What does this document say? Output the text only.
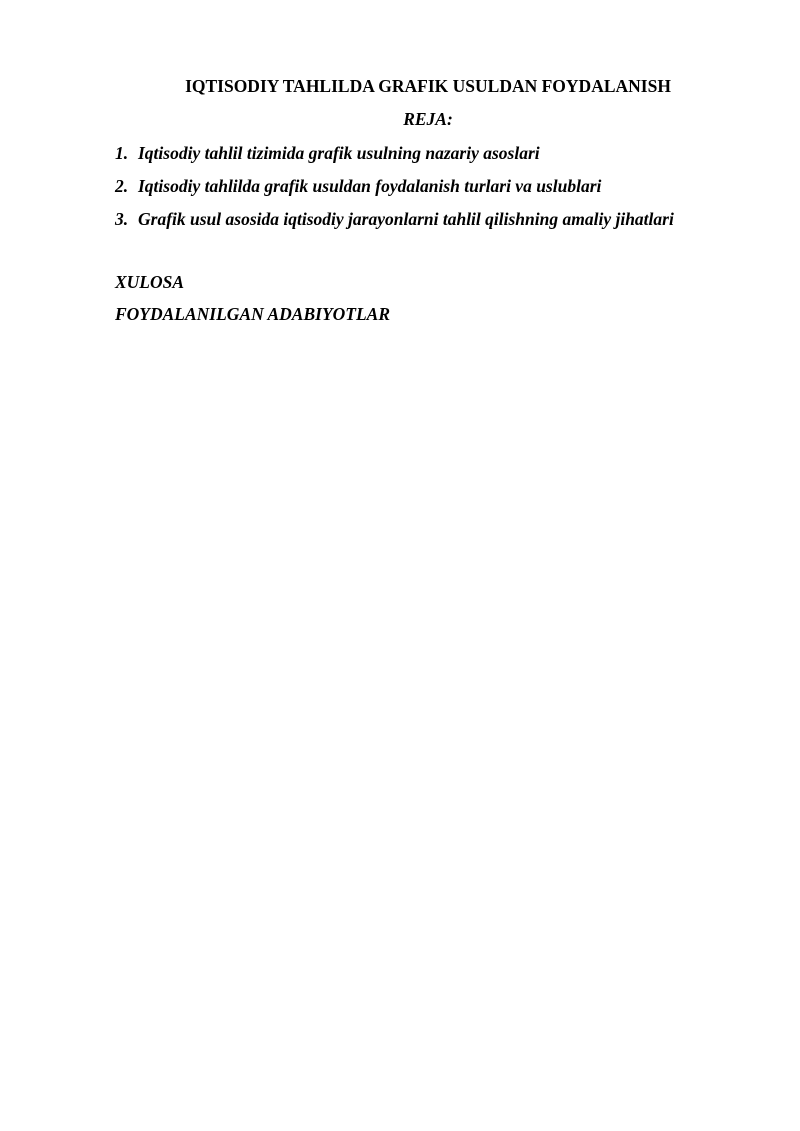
IQTISODIY TAHLILDA GRAFIK USULDAN FOYDALANISH
REJA:
1. Iqtisodiy tahlil tizimida grafik usulning nazariy asoslari
2. Iqtisodiy tahlilda grafik usuldan foydalanish turlari va uslublari
3. Grafik usul asosida iqtisodiy jarayonlarni tahlil qilishning amaliy jihatlari
XULOSA
FOYDALANILGAN ADABIYOTLAR
